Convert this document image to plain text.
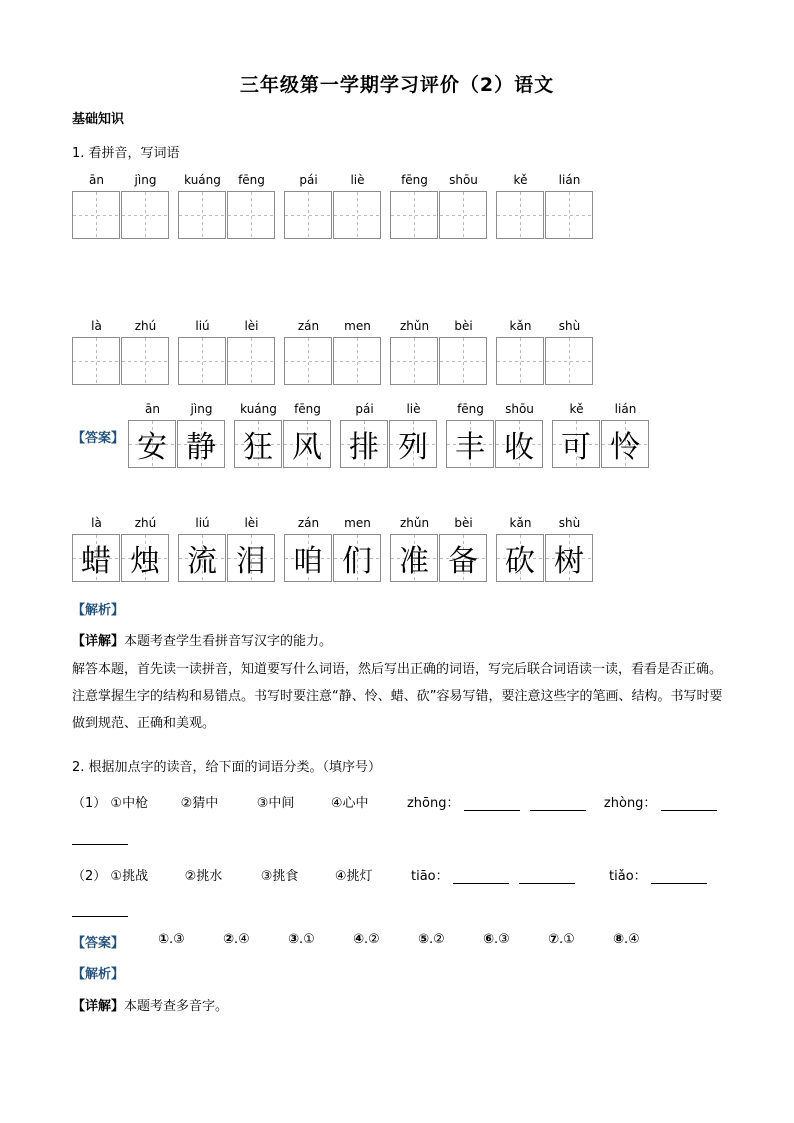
三年级第一学期学习评价（2）语文
基础知识
1. 看拼音，写词语
ān	jìng	kuáng	fēng	pái	liè	fēng	shōu	kě	lián
là	zhú	liú	lèi	zán	men	zhǔn	bèi	kǎn	shù
【答案】
ān	jìng
安 静
kuáng	fēng
狂 风
pái	liè
排 列
fēng	shōu
丰 收
kě	lián
可 怜
là	zhú
蜡 烛
liú	lèi
流 泪
zán	men
咱 们
zhǔn	bèi
准 备
kǎn	shù
砍 树
【解析】
【详解】本题考查学生看拼音写汉字的能力。
解答本题，首先读一读拼音，知道要写什么词语，然后写出正确的词语，写完后联合词语读一读，看看是否正确。注意掌握生字的结构和易错点。书写时要注意“静、怜、蜡、砍”容易写错，要注意这些字的笔画、结构。书写时要做到规范、正确和美观。
2. 根据加点字的读音，给下面的词语分类。（填序号）
（1） ①中枪 ②猜中	③中间	④心中	zhōng：	zhòng：
（2） ①挑战	②挑水	③挑食	④挑灯	tiāo：	tiǎo：
【答案】	①.③	②.④	③.①	④.②	⑤.②	⑥.③	⑦.①	⑧.④
【解析】
【详解】本题考查多音字。
